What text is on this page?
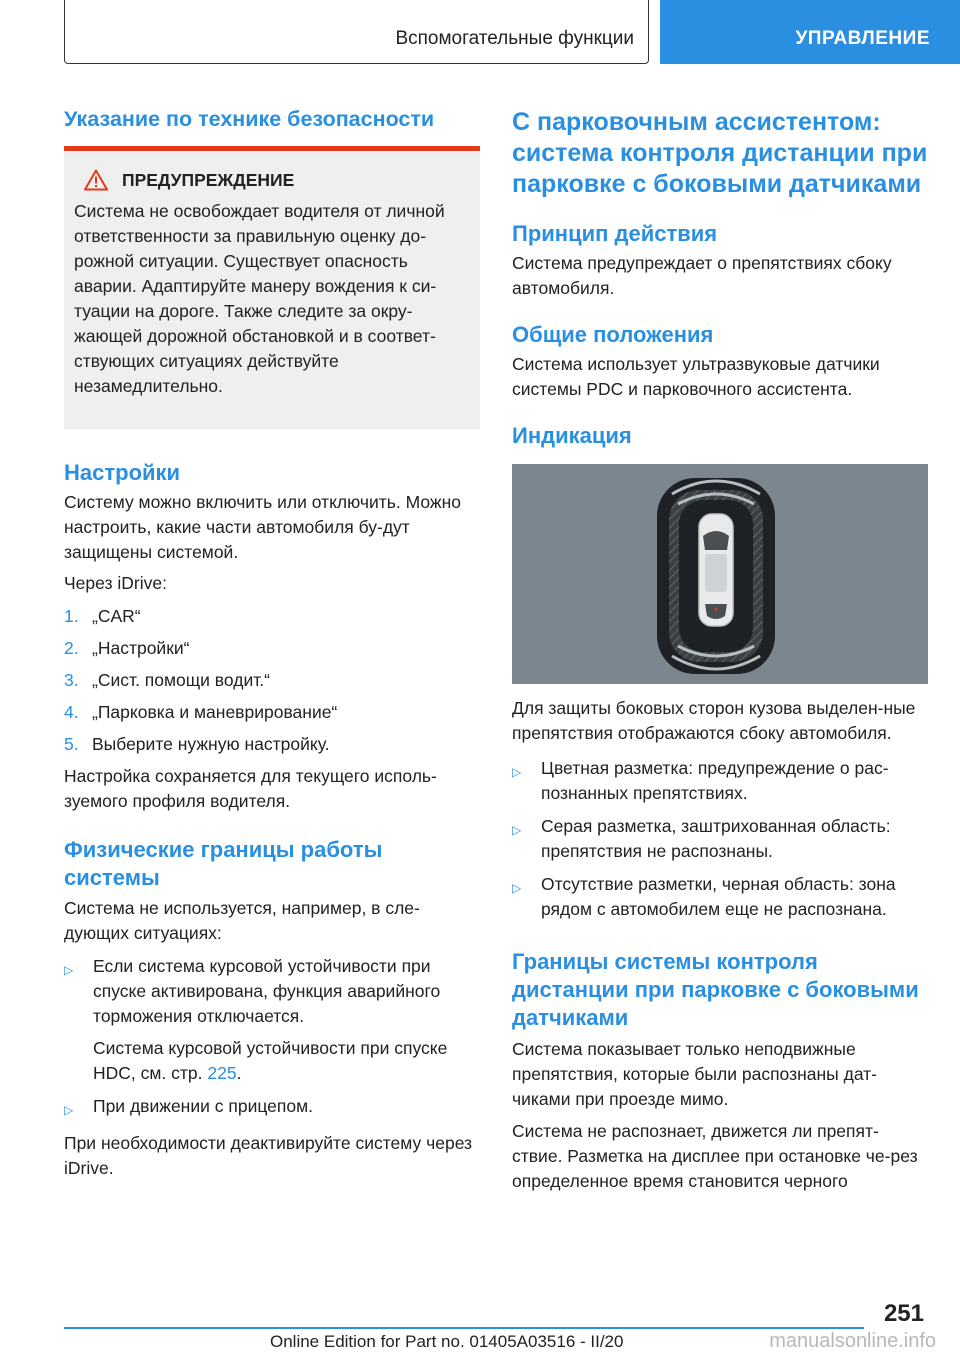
Вспомогательные функции	УПРАВЛЕНИЕ
Указание по технике безопасности
ПРЕДУПРЕЖДЕНИЕ

Система не освобождает водителя от личной ответственности за правильную оценку до-рожной ситуации. Существует опасность аварии. Адаптируйте манеру вождения к си-туации на дороге. Также следите за окру-жающей дорожной обстановкой и в соответ-ствующих ситуациях действуйте незамедлительно.

Настройки

Систему можно включить или отключить. Можно настроить, какие части автомобиля бу-дут защищены системой.

Через iDrive:

1. „CAR“
2. „Настройки“
3. „Сист. помощи водит.“
4. „Парковка и маневрирование“
5. Выберите нужную настройку.

Настройка сохраняется для текущего исполь-зуемого профиля водителя.

Физические границы работы системы

Система не используется, например, в сле-дующих ситуациях:

▷	Если система курсовой устойчивости при спуске активирована, функция аварийного торможения отключается.
Система курсовой устойчивости при спуске HDC, см. стр. 225.
▷	При движении с прицепом.

При необходимости деактивируйте систему через iDrive.

С парковочным ассистентом: система контроля дистанции при парковке с боковыми датчиками
Принцип действия

Система предупреждает о препятствиях сбоку автомобиля.

Общие положения

Система использует ультразвуковые датчики системы PDC и парковочного ассистента.

Индикация

Для защиты боковых сторон кузова выделен-ные препятствия отображаются сбоку автомобиля.

▷	Цветная разметка: предупреждение о рас-познанных препятствиях.
▷	Серая разметка, заштрихованная область: препятствия не распознаны.
▷	Отсутствие разметки, черная область: зона рядом с автомобилем еще не распознана.
Границы системы контроля дистанции при парковке с боковыми датчиками

Система показывает только неподвижные препятствия, которые были распознаны дат-чиками при проезде мимо.

Система не распознает, движется ли препят-ствие. Разметка на дисплее при остановке че-рез определенное время становится черного

251
Online Edition for Part no. 01405A03516 - II/20	manualsonline.info
